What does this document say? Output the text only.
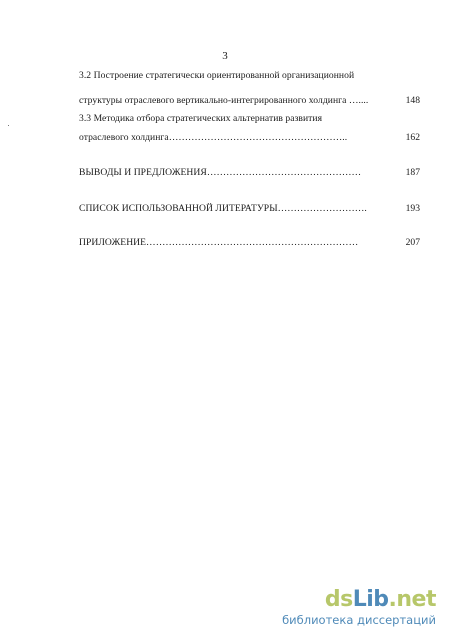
3
3.2 Построение стратегически ориентированной организационной
структуры отраслевого вертикально-интегрированного холдинга …....	148
3.3 Методика отбора стратегических альтернатив развития
отраслевого холдинга………………………………………………..	162
ВЫВОДЫ И ПРЕДЛОЖЕНИЯ…………………………………………	187
СПИСОК ИСПОЛЬЗОВАННОЙ ЛИТЕРАТУРЫ……………………….	193
ПРИЛОЖЕНИЕ…………………………………………………………	207
dsLib.net
библиотека диссертаций
